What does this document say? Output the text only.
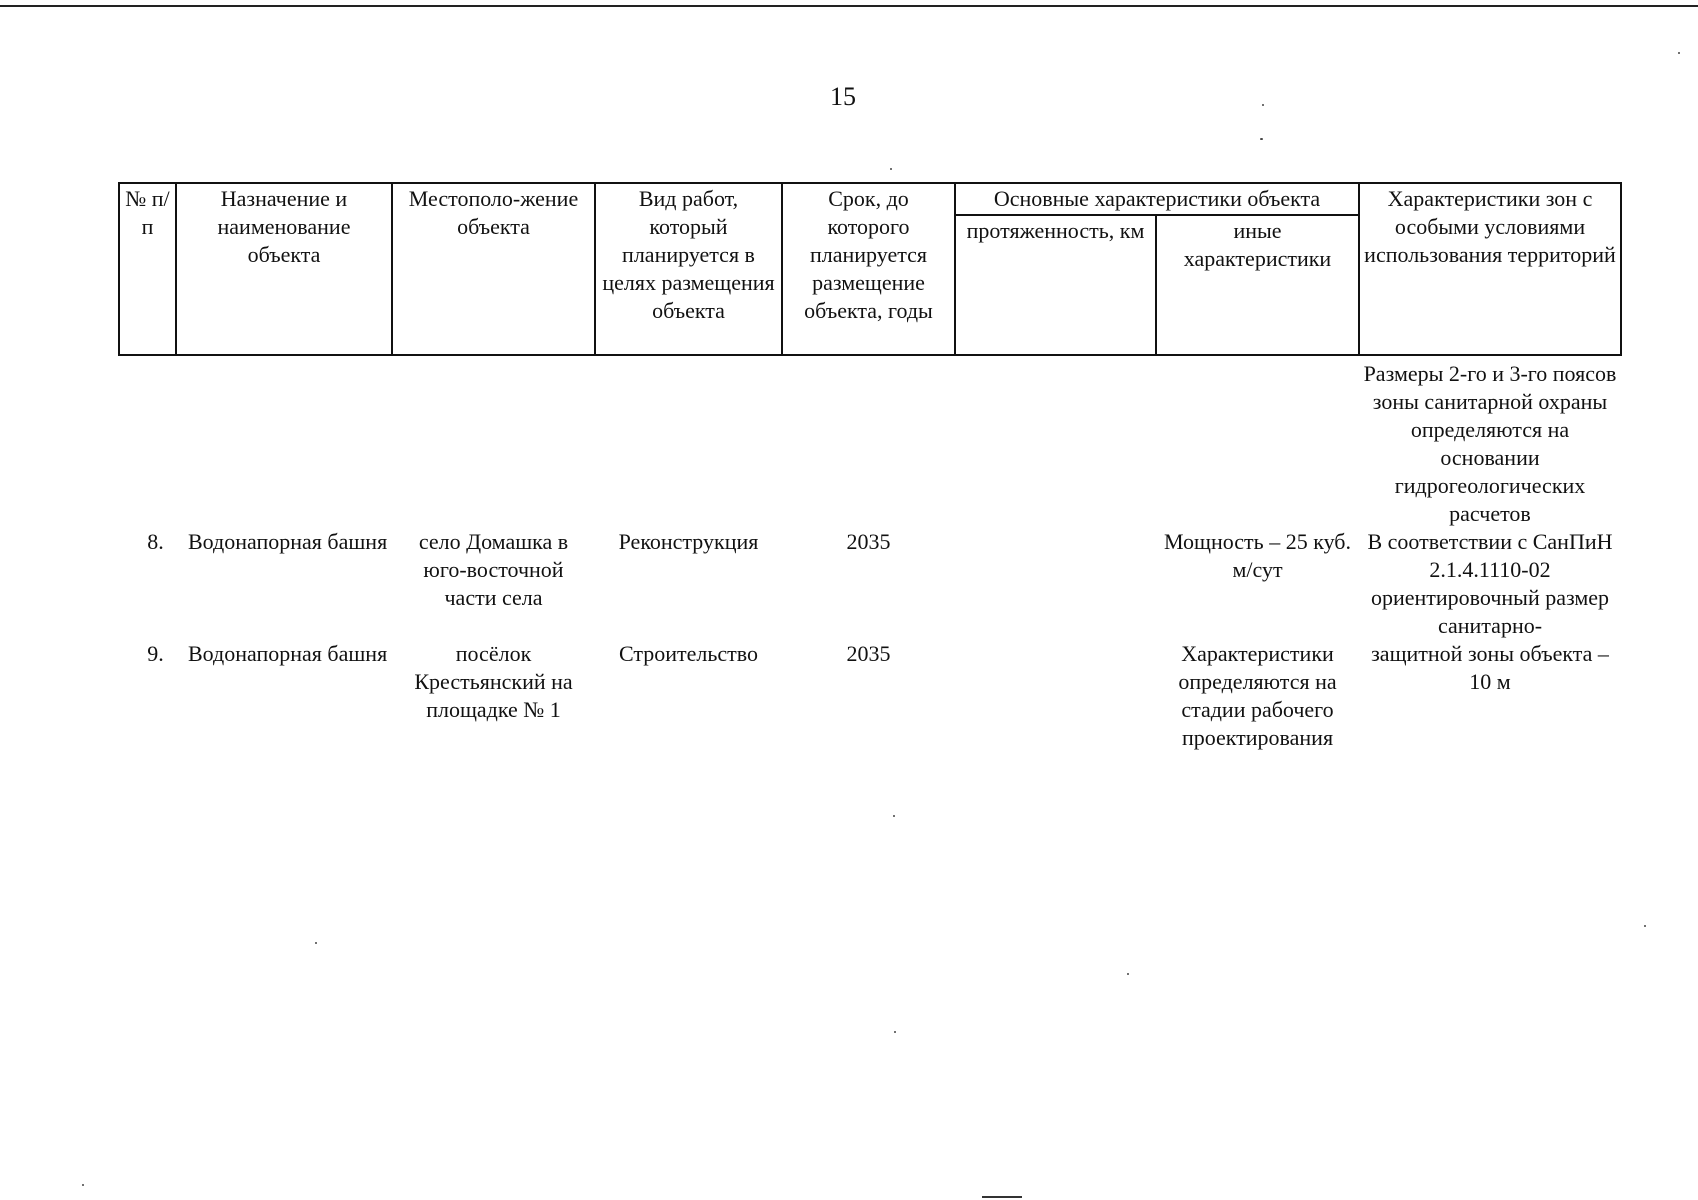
15
№ п/п	Назначение и наименование объекта	Местополо-жение объекта	Вид работ, который планируется в целях размещения объекта	Срок, до которого планируется размещение объекта, годы	Основные характеристики объекта		Характеристики зон с особыми условиями использования территорий
					протяженность, км	иные характеристики	
							Размеры 2-го и 3-го поясов зоны санитарной охраны определяются на основании гидрогеологических расчетов
8.	Водонапорная башня	село Домашка в юго-восточной части села	Реконструкция	2035		Мощность – 25 куб. м/сут	В соответствии с СанПиН 2.1.4.1110-02 ориентировочный размер санитарно-
9.	Водонапорная башня	посёлок Крестьянский на площадке № 1	Строительство	2035		Характеристики определяются на стадии рабочего проектирования	защитной зоны объекта – 10 м
